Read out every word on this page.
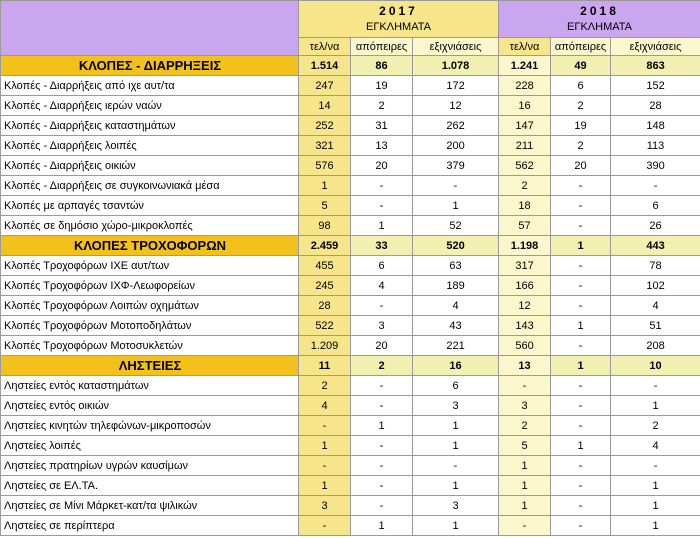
	2017
ΕΓΚΛΗΜΑΤΑ			2018
ΕΓΚΛΗΜΑΤΑ		

	τελ/να	απόπειρες	εξιχνιάσεις	τελ/να	απόπειρες	εξιχνιάσεις
ΚΛΟΠΕΣ - ΔΙΑΡΡΗΞΕΙΣ	1.514	86	1.078	1.241	49	863
Κλοπές - Διαρρήξεις από ιχε αυτ/τα	247	19	172	228	6	152
Κλοπές - Διαρρήξεις ιερών ναών	14	2	12	16	2	28
Κλοπές - Διαρρήξεις καταστημάτων	252	31	262	147	19	148
Κλοπές - Διαρρήξεις λοιπές	321	13	200	211	2	113
Κλοπές - Διαρρήξεις οικιών	576	20	379	562	20	390
Κλοπές - Διαρρήξεις σε συγκοινωνιακά μέσα	1	-	-	2	-	-
Κλοπές με αρπαγές τσαντών	5	-	1	18	-	6
Κλοπές σε δημόσιο χώρο-μικροκλοπές	98	1	52	57	-	26
ΚΛΟΠΕΣ ΤΡΟΧΟΦΟΡΩΝ	2.459	33	520	1.198	1	443
Κλοπές Τροχοφόρων ΙΧΕ αυτ/των	455	6	63	317	-	78
Κλοπές Τροχοφόρων ΙΧΦ-Λεωφορείων	245	4	189	166	-	102
Κλοπές Τροχοφόρων Λοιπών οχημάτων	28	-	4	12	-	4
Κλοπές Τροχοφόρων Μοτοποδηλάτων	522	3	43	143	1	51
Κλοπές Τροχοφόρων Μοτοσυκλετών	1.209	20	221	560	-	208
ΛΗΣΤΕΙΕΣ	11	2	16	13	1	10
Ληστείες εντός καταστημάτων	2	-	6	-	-	-
Ληστείες εντός οικιών	4	-	3	3	-	1
Ληστείες κινητών τηλεφώνων-μικροποσών	-	1	1	2	-	2
Ληστείες λοιπές	1	-	1	5	1	4
Ληστείες πρατηρίων υγρών καυσίμων	-	-	-	1	-	-
Ληστείες σε ΕΛ.ΤΑ.	1	-	1	1	-	1
Ληστείες σε Μίνι Μάρκετ-κατ/τα ψιλικών	3	-	3	1	-	1
Ληστείες σε περίπτερα	-	1	1	-	-	1
